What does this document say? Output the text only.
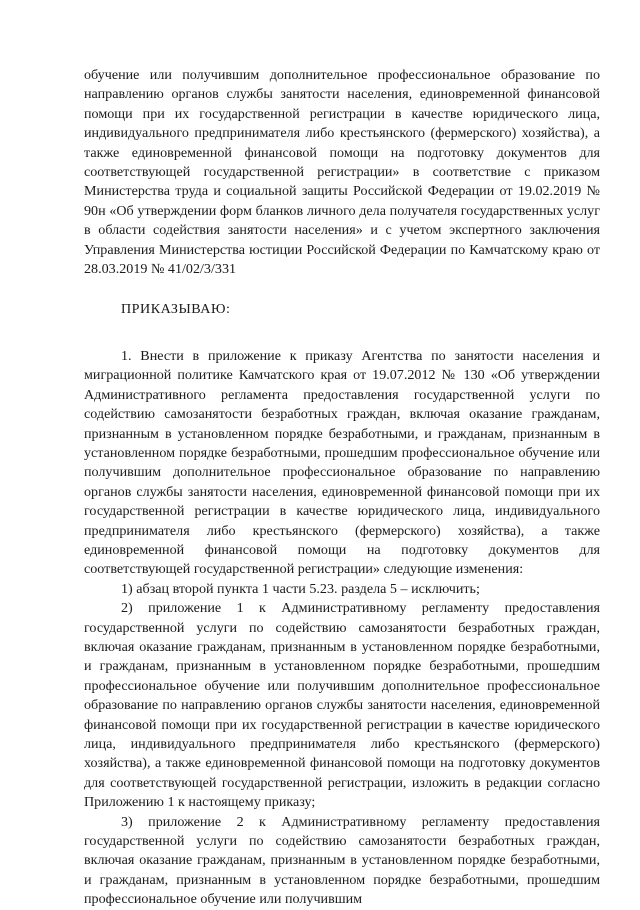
обучение или получившим дополнительное профессиональное образование по направлению органов службы занятости населения, единовременной финансовой помощи при их государственной регистрации в качестве юридического лица, индивидуального предпринимателя либо крестьянского (фермерского) хозяйства), а также единовременной финансовой помощи на подготовку документов для соответствующей государственной регистрации» в соответствие с приказом Министерства труда и социальной защиты Российской Федерации от 19.02.2019 № 90н «Об утверждении форм бланков личного дела получателя государственных услуг в области содействия занятости населения» и с учетом экспертного заключения Управления Министерства юстиции Российской Федерации по Камчатскому краю от 28.03.2019 № 41/02/3/331

ПРИКАЗЫВАЮ:

1. Внести в приложение к приказу Агентства по занятости населения и миграционной политике Камчатского края от 19.07.2012 № 130 «Об утверждении Административного регламента предоставления государственной услуги по содействию самозанятости безработных граждан, включая оказание гражданам, признанным в установленном порядке безработными, и гражданам, признанным в установленном порядке безработными, прошедшим профессиональное обучение или получившим дополнительное профессиональное образование по направлению органов службы занятости населения, единовременной финансовой помощи при их государственной регистрации в качестве юридического лица, индивидуального предпринимателя либо крестьянского (фермерского) хозяйства), а также единовременной финансовой помощи на подготовку документов для соответствующей государственной регистрации» следующие изменения:

1) абзац второй пункта 1 части 5.23. раздела 5 – исключить;

2) приложение 1 к Административному регламенту предоставления государственной услуги по содействию самозанятости безработных граждан, включая оказание гражданам, признанным в установленном порядке безработными, и гражданам, признанным в установленном порядке безработными, прошедшим профессиональное обучение или получившим дополнительное профессиональное образование по направлению органов службы занятости населения, единовременной финансовой помощи при их государственной регистрации в качестве юридического лица, индивидуального предпринимателя либо крестьянского (фермерского) хозяйства), а также единовременной финансовой помощи на подготовку документов для соответствующей государственной регистрации, изложить в редакции согласно Приложению 1 к настоящему приказу;

3) приложение 2 к Административному регламенту предоставления государственной услуги по содействию самозанятости безработных граждан, включая оказание гражданам, признанным в установленном порядке безработными, и гражданам, признанным в установленном порядке безработными, прошедшим профессиональное обучение или получившим
